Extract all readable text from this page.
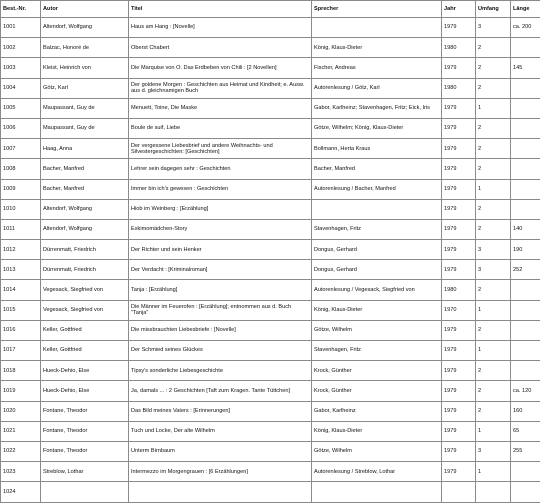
Best.-Nr.	Autor	Titel	Sprecher	Jahr	Umfang	Länge
1001	Altendorf, Wolfgang	Haus am Hang : [Novelle]		1979	3	ca. 200
1002	Balzac, Honoré de	Oberst Chabert	König, Klaus-Dieter	1980	2	
1003	Kleist, Heinrich von	Die Marquise von O. Das Erdbeben von Chili : [2 Novellen]	Fischer, Andreas	1979	2	145
1004	Götz, Karl	Der goldene Morgen : Geschichten aus Heimat und Kindheit; e. Ausw. aus d. gleichnamigen Buch	Autorenlesung / Götz, Karl	1980	2	
1005	Maupassant, Guy de	Menuett, Toine, Die Maske	Gabor, Karlheinz; Stavenhagen, Fritz; Eick, Iris	1979	1	
1006	Maupassant, Guy de	Boule de suif, Liebe	Götze, Wilhelm; König, Klaus-Dieter	1979	2	
1007	Haag, Anna	Der vergessene Liebesbrief und andere Weihnachts- und Silvestergeschichten: [Geschichten]	Bollmann, Herta Kraus	1979	2	
1008	Bacher, Manfred	Lehrer sein dagegen sehr : Geschichten	Bacher, Manfred	1979	2	
1009	Bacher, Manfred	Immer bin ich's gewesen : Geschichten	Autorenlesung / Bacher, Manfred	1979	1	
1010	Altendorf, Wolfgang	Hiob im Weinberg : [Erzählung]		1979	2	
1011	Altendorf, Wolfgang	Eskimomädchen-Story	Stavenhagen, Fritz	1979	2	140
1012	Dürrenmatt, Friedrich	Der Richter und sein Henker	Dongus, Gerhard	1979	3	190
1013	Dürrenmatt, Friedrich	Der Verdacht : [Kriminalroman]	Dongus, Gerhard	1979	3	252
1014	Vegesack, Siegfried von	Tanja : [Erzählung]	Autorenlesung / Vegesack, Siegfried von	1980	2	
1015	Vegesack, Siegfried von	Die Männer im Feuerofen : [Erzählung]; entnommen aus d. Buch "Tanja"	König, Klaus-Dieter	1970	1	
1016	Keller, Gottfried	Die missbrauchten Liebesbriefe : [Novelle]	Götze, Wilhelm	1979	2	
1017	Keller, Gottfried	Der Schmied seines Glückes	Stavenhagen, Fritz	1979	1	
1018	Hueck-Dehio, Else	Tipsy's sonderliche Liebesgeschichte	Krock, Günther	1979	2	
1019	Hueck-Dehio, Else	Ja, damals ... : 2 Geschichten [Taft zum Kragen. Tante Tüttchen]	Krock, Günther	1979	2	ca. 120
1020	Fontane, Theodor	Das Bild meines Vaters : [Erinnerungen]	Gabor, Karlheinz	1979	2	160
1021	Fontane, Theodor	Tuch und Locke, Der alte Wilhelm	König, Klaus-Dieter	1979	1	65
1022	Fontane, Theodor	Unterm Birnbaum	Götze, Wilhelm	1979	3	255
1023	Streblow, Lothar	Intermezzo im Morgengrauen : [6 Erzählungen]	Autorenlesung / Streblow, Lothar	1979	1	
1024						
